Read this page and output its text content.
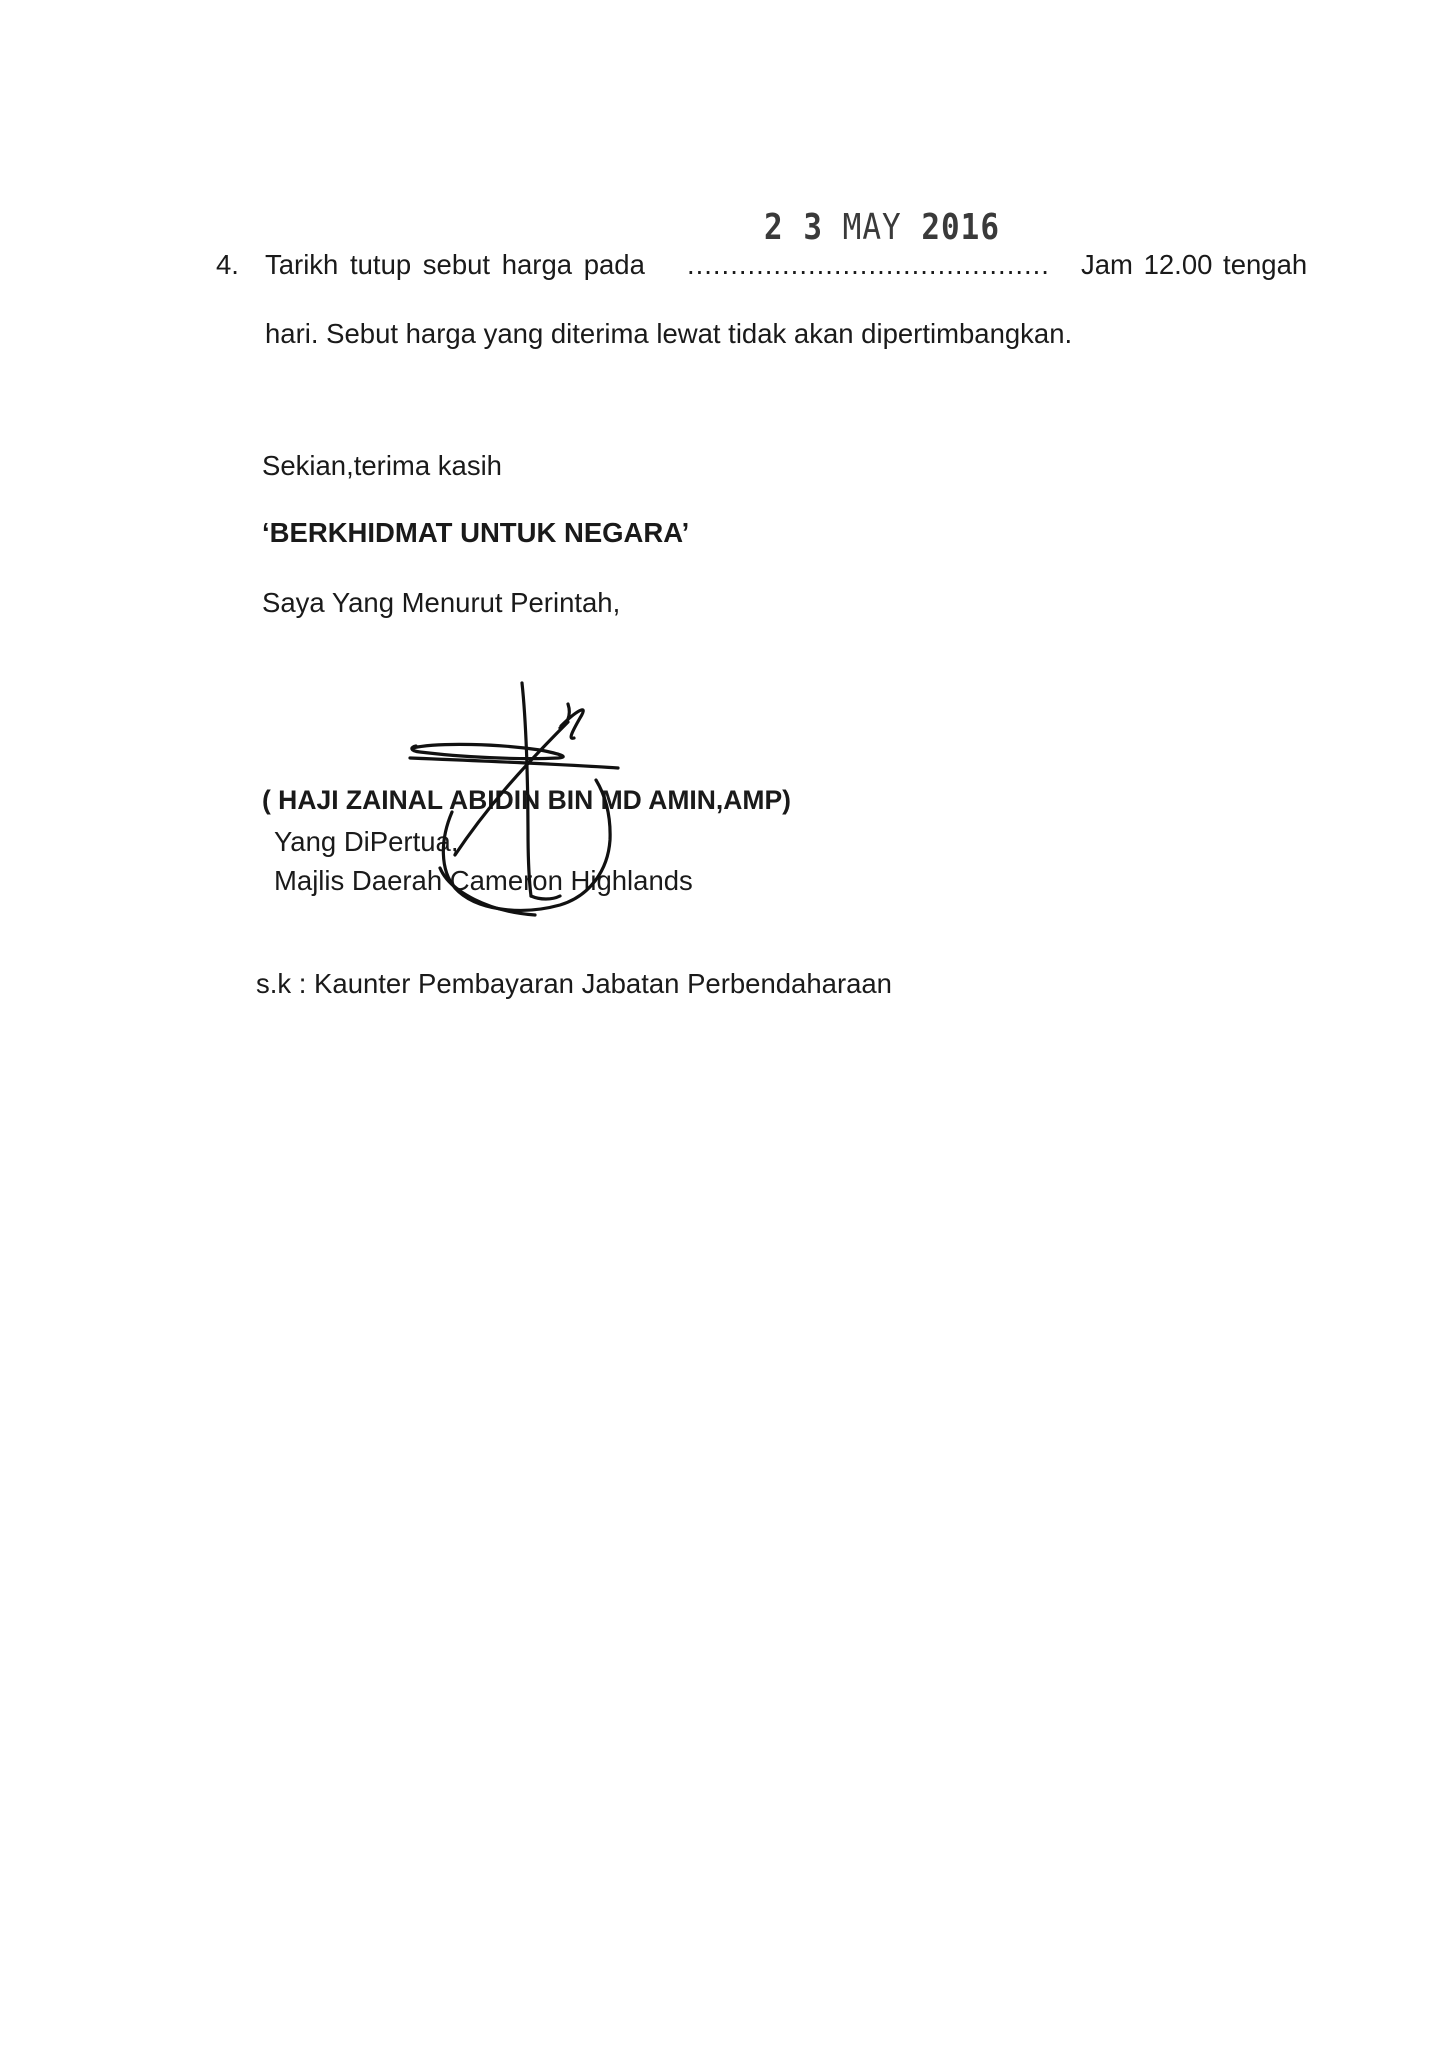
2 3 MAY 2016
4. Tarikh tutup sebut harga pada .......................................... Jam 12.00 tengah
hari. Sebut harga yang diterima lewat tidak akan dipertimbangkan.
Sekian,terima kasih
‘BERKHIDMAT UNTUK NEGARA’
Saya Yang Menurut Perintah,
( HAJI ZAINAL ABIDIN BIN MD AMIN,AMP)
Yang DiPertua,
Majlis Daerah Cameron Highlands
s.k : Kaunter Pembayaran Jabatan Perbendaharaan
